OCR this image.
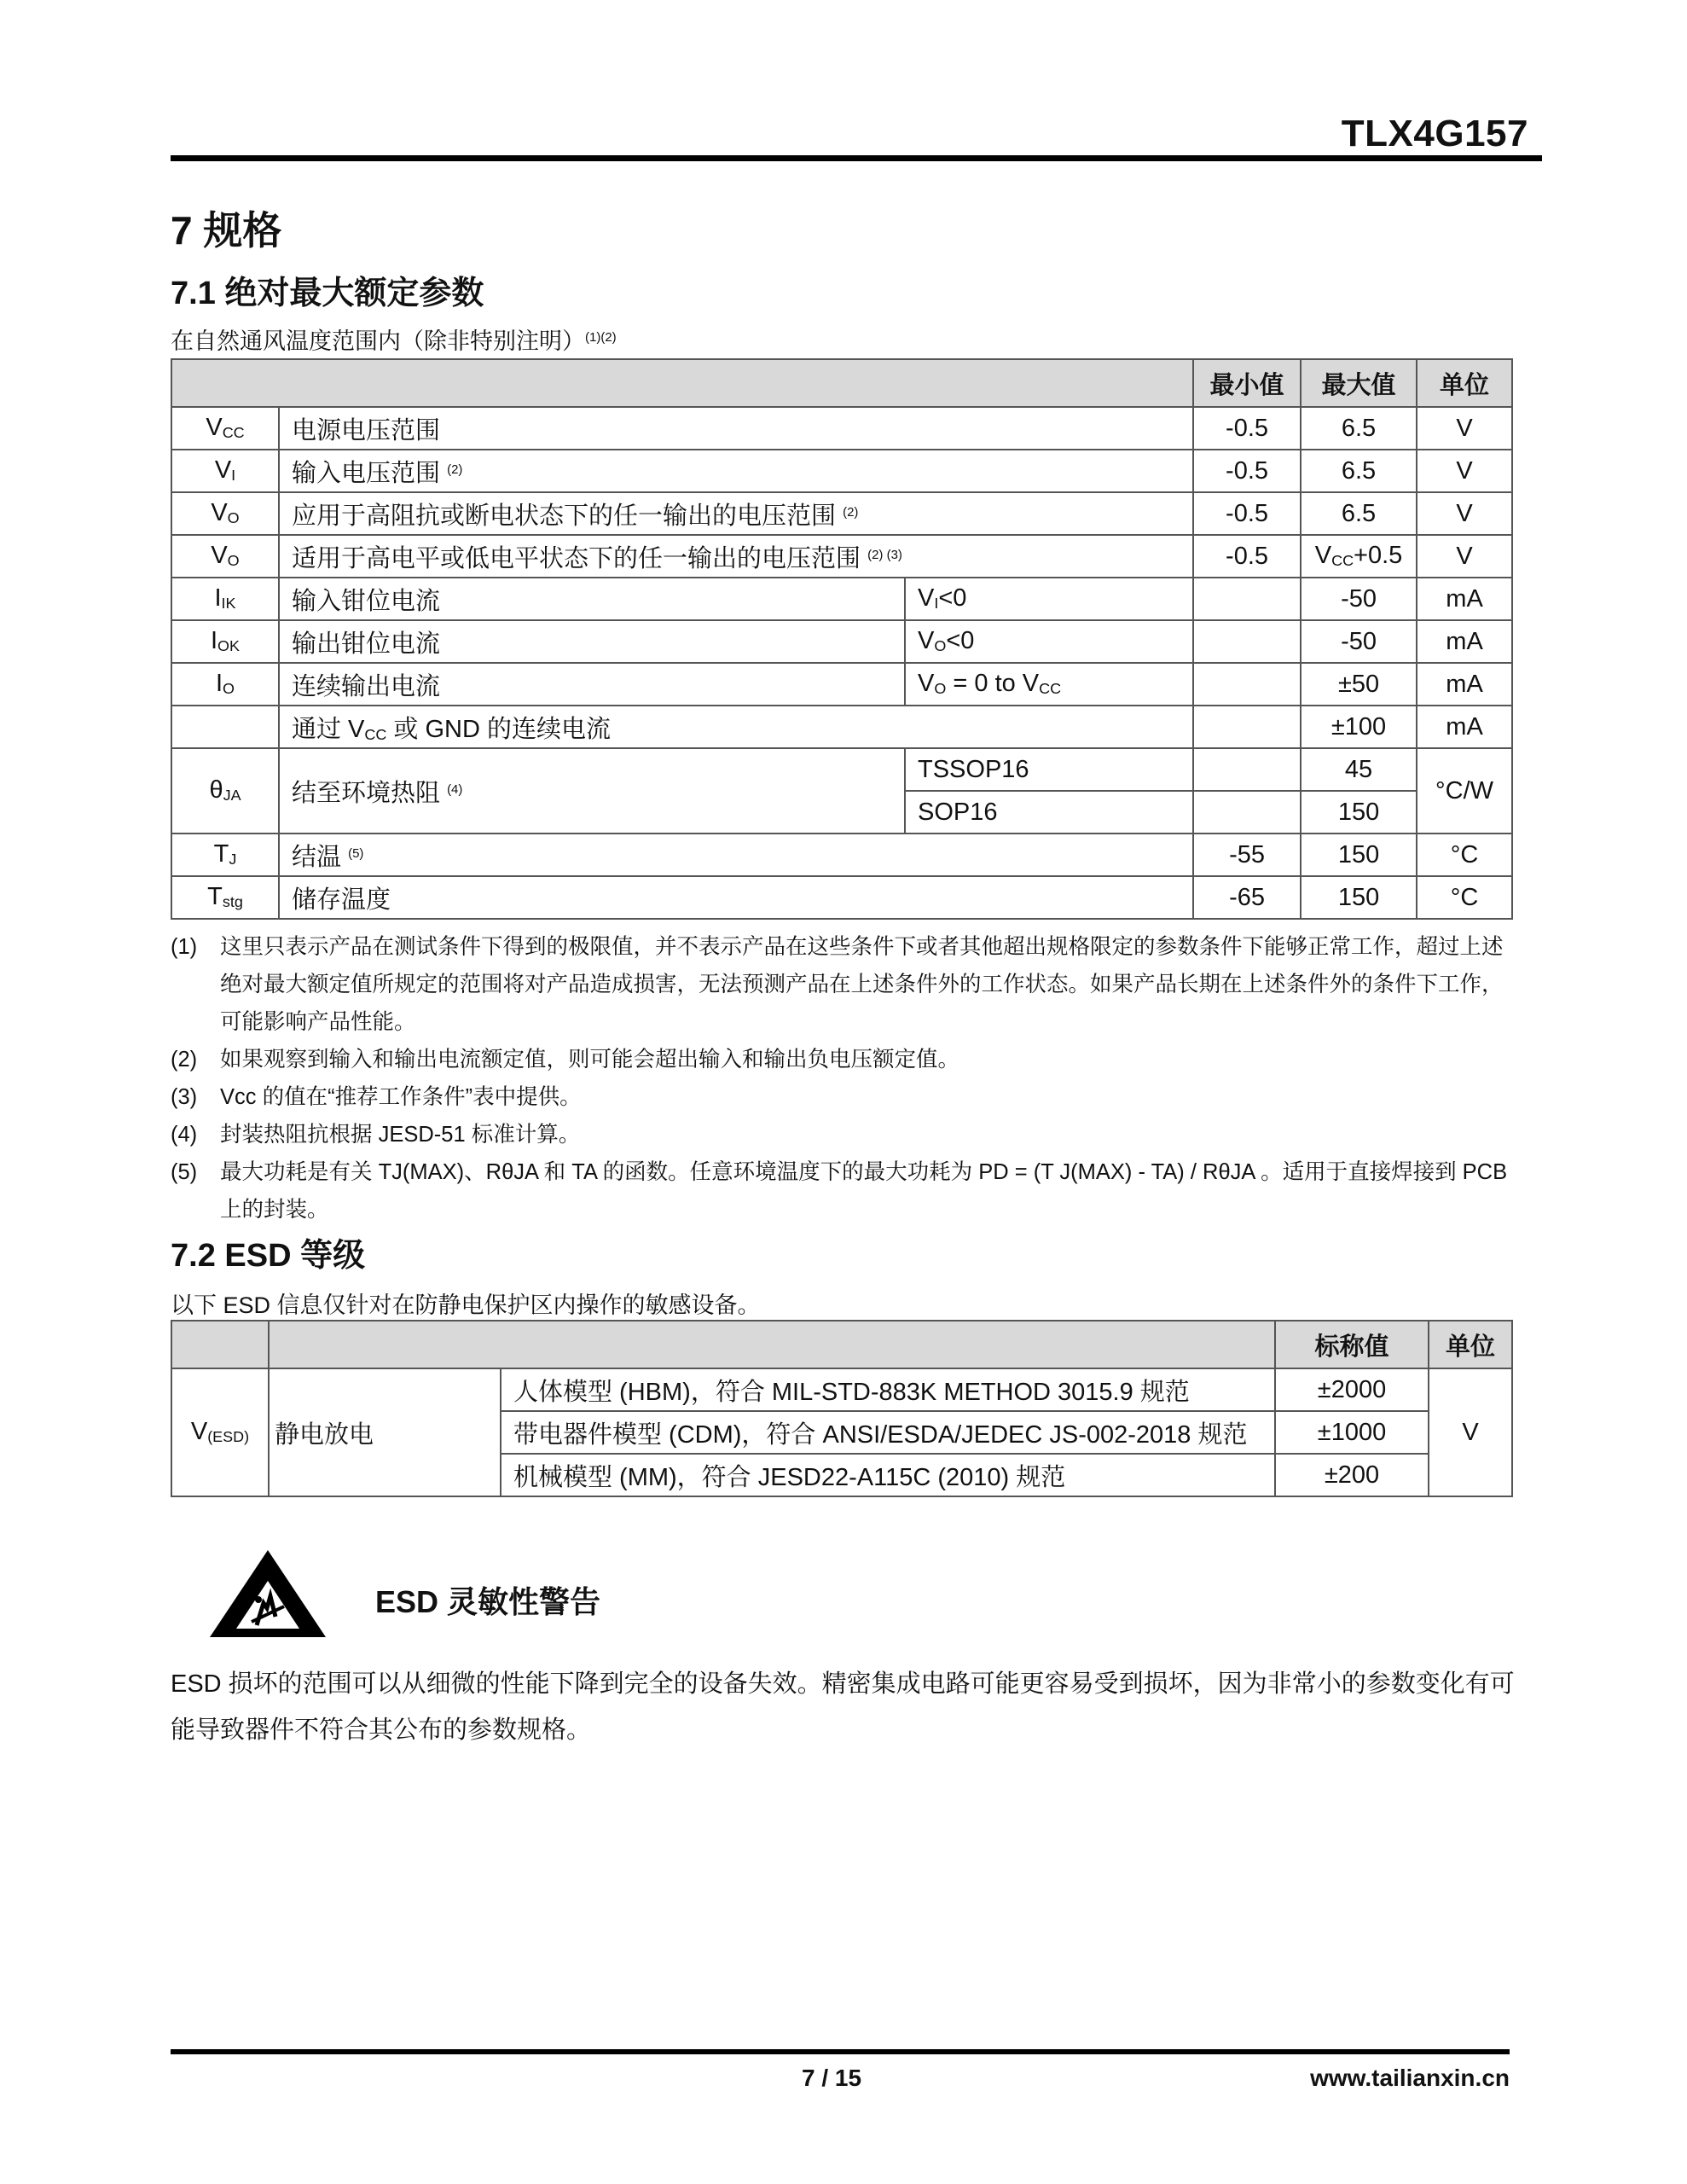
TLX4G157
7 规格
7.1 绝对最大额定参数
在自然通风温度范围内（除非特别注明）$^{(1)(2)}$
			最小值	最大值	单位
$V_{CC}$	电源电压范围		-0.5	6.5	V
$V_I$	输入电压范围 $^{(2)}$		-0.5	6.5	V
$V_O$	应用于高阻抗或断电状态下的任一输出的电压范围 $^{(2)}$		-0.5	6.5	V
$V_O$	适用于高电平或低电平状态下的任一输出的电压范围 $^{(2) (3)}$		-0.5	$V_{CC}+0.5$	V
$I_{IK}$	输入钳位电流	$V_I<0$		-50	mA
$I_{OK}$	输出钳位电流	$V_O<0$		-50	mA
$I_O$	连续输出电流	$V_O = 0$ to $V_{CC}$		±50	mA
	通过 $V_{CC}$ 或 GND 的连续电流			±100	mA
$\theta_{JA}$	结至环境热阻 $^{(4)}$	TSSOP16		45	°C/W
		SOP16		150	
$T_J$	结温 $^{(5)}$		-55	150	°C
$T_{stg}$	储存温度		-65	150	°C
(1)	这里只表示产品在测试条件下得到的极限值，并不表示产品在这些条件下或者其他超出规格限定的参数条件下能够正常工作，超过上述绝对最大额定值所规定的范围将对产品造成损害，无法预测产品在上述条件外的工作状态。如果产品长期在上述条件外的条件下工作，可能影响产品性能。
(2)	如果观察到输入和输出电流额定值，则可能会超出输入和输出负电压额定值。
(3)	Vcc 的值在“推荐工作条件”表中提供。
(4)	封装热阻抗根据 JESD-51 标准计算。
(5)	最大功耗是有关 TJ(MAX)、RθJA 和 TA 的函数。任意环境温度下的最大功耗为 PD = (T J(MAX) - TA) / RθJA 。适用于直接焊接到 PCB 上的封装。
7.2 ESD 等级
以下 ESD 信息仅针对在防静电保护区内操作的敏感设备。
			标称值	单位
$V_{(ESD)}$	静电放电	人体模型 (HBM)，符合 MIL-STD-883K METHOD 3015.9 规范	±2000	V
		带电器件模型 (CDM)，符合 ANSI/ESDA/JEDEC JS-002-2018 规范	±1000	
		机械模型 (MM)，符合 JESD22-A115C (2010) 规范	±200	
ESD 灵敏性警告
ESD 损坏的范围可以从细微的性能下降到完全的设备失效。精密集成电路可能更容易受到损坏，因为非常小的参数变化有可能导致器件不符合其公布的参数规格。
7 / 15	www.tailianxin.cn
